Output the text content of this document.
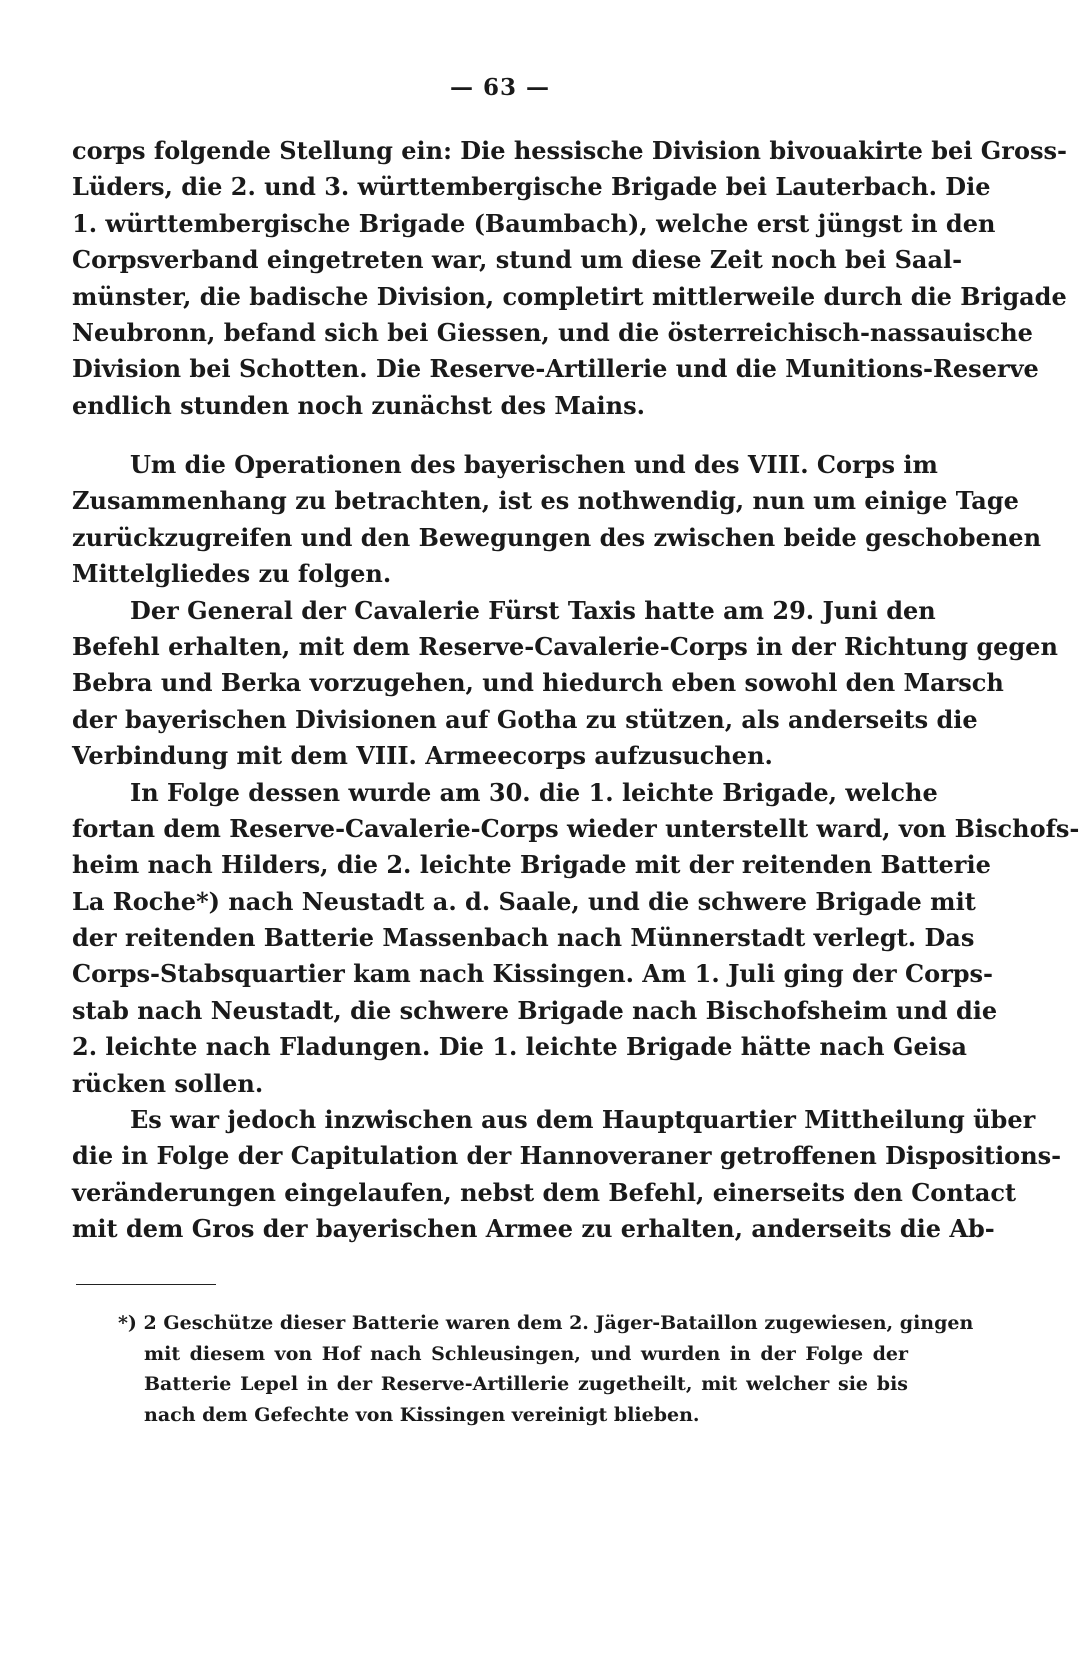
— 63 —
corps folgende Stellung ein: Die hessische Division bivouakirte bei Gross-
Lüders, die 2. und 3. württembergische Brigade bei Lauterbach. Die
1. württembergische Brigade (Baumbach), welche erst jüngst in den
Corpsverband eingetreten war, stund um diese Zeit noch bei Saal-
münster, die badische Division, completirt mittlerweile durch die Brigade
Neubronn, befand sich bei Giessen, und die österreichisch-nassauische
Division bei Schotten. Die Reserve-Artillerie und die Munitions-Reserve
endlich stunden noch zunächst des Mains.
Um die Operationen des bayerischen und des VIII. Corps im
Zusammenhang zu betrachten, ist es nothwendig, nun um einige Tage
zurückzugreifen und den Bewegungen des zwischen beide geschobenen
Mittelgliedes zu folgen.
Der General der Cavalerie Fürst Taxis hatte am 29. Juni den
Befehl erhalten, mit dem Reserve-Cavalerie-Corps in der Richtung gegen
Bebra und Berka vorzugehen, und hiedurch eben sowohl den Marsch
der bayerischen Divisionen auf Gotha zu stützen, als anderseits die
Verbindung mit dem VIII. Armeecorps aufzusuchen.
In Folge dessen wurde am 30. die 1. leichte Brigade, welche
fortan dem Reserve-Cavalerie-Corps wieder unterstellt ward, von Bischofs-
heim nach Hilders, die 2. leichte Brigade mit der reitenden Batterie
La Roche*) nach Neustadt a. d. Saale, und die schwere Brigade mit
der reitenden Batterie Massenbach nach Münnerstadt verlegt. Das
Corps-Stabsquartier kam nach Kissingen. Am 1. Juli ging der Corps-
stab nach Neustadt, die schwere Brigade nach Bischofsheim und die
2. leichte nach Fladungen. Die 1. leichte Brigade hätte nach Geisa
rücken sollen.
Es war jedoch inzwischen aus dem Hauptquartier Mittheilung über
die in Folge der Capitulation der Hannoveraner getroffenen Dispositions-
veränderungen eingelaufen, nebst dem Befehl, einerseits den Contact
mit dem Gros der bayerischen Armee zu erhalten, anderseits die Ab-
*) 2 Geschütze dieser Batterie waren dem 2. Jäger-Bataillon zugewiesen, gingen
mit diesem von Hof nach Schleusingen, und wurden in der Folge der
Batterie Lepel in der Reserve-Artillerie zugetheilt, mit welcher sie bis
nach dem Gefechte von Kissingen vereinigt blieben.
